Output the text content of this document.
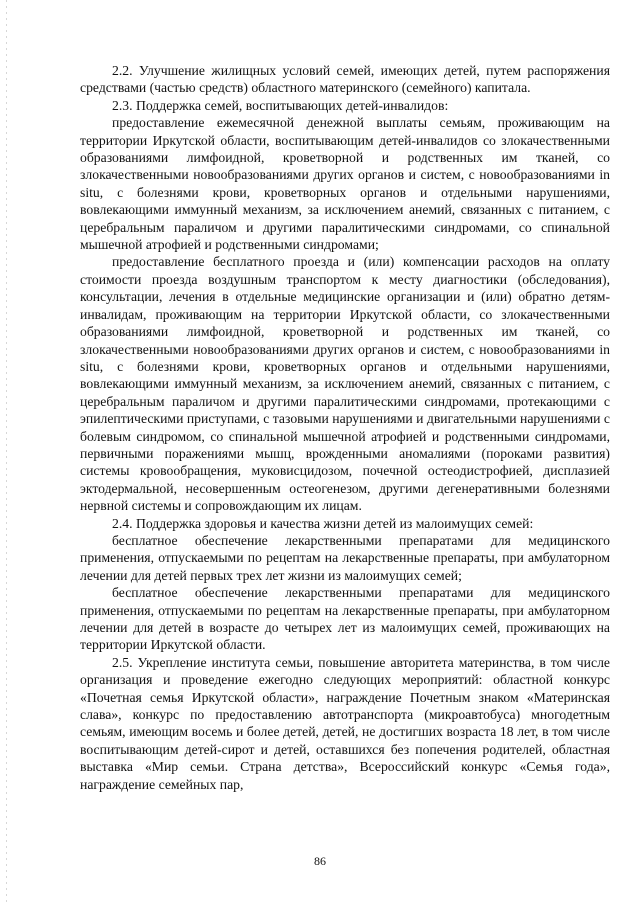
2.2. Улучшение жилищных условий семей, имеющих детей, путем распоряжения средствами (частью средств) областного материнского (семейного) капитала.

2.3. Поддержка семей, воспитывающих детей-инвалидов:

предоставление ежемесячной денежной выплаты семьям, проживающим на территории Иркутской области, воспитывающим детей-инвалидов со злокачественными образованиями лимфоидной, кроветворной и родственных им тканей, со злокачественными новообразованиями других органов и систем, с новообразованиями in situ, с болезнями крови, кроветворных органов и отдельными нарушениями, вовлекающими иммунный механизм, за исключением анемий, связанных с питанием, с церебральным параличом и другими паралитическими синдромами, со спинальной мышечной атрофией и родственными синдромами;

предоставление бесплатного проезда и (или) компенсации расходов на оплату стоимости проезда воздушным транспортом к месту диагностики (обследования), консультации, лечения в отдельные медицинские организации и (или) обратно детям-инвалидам, проживающим на территории Иркутской области, со злокачественными образованиями лимфоидной, кроветворной и родственных им тканей, со злокачественными новообразованиями других органов и систем, с новообразованиями in situ, с болезнями крови, кроветворных органов и отдельными нарушениями, вовлекающими иммунный механизм, за исключением анемий, связанных с питанием, с церебральным параличом и другими паралитическими синдромами, протекающими с эпилептическими приступами, с тазовыми нарушениями и двигательными нарушениями с болевым синдромом, со спинальной мышечной атрофией и родственными синдромами, первичными поражениями мышц, врожденными аномалиями (пороками развития) системы кровообращения, муковисцидозом, почечной остеодистрофией, дисплазией эктодермальной, несовершенным остеогенезом, другими дегенеративными болезнями нервной системы и сопровождающим их лицам.

2.4. Поддержка здоровья и качества жизни детей из малоимущих семей:

бесплатное обеспечение лекарственными препаратами для медицинского применения, отпускаемыми по рецептам на лекарственные препараты, при амбулаторном лечении для детей первых трех лет жизни из малоимущих семей;

бесплатное обеспечение лекарственными препаратами для медицинского применения, отпускаемыми по рецептам на лекарственные препараты, при амбулаторном лечении для детей в возрасте до четырех лет из малоимущих семей, проживающих на территории Иркутской области.

2.5. Укрепление института семьи, повышение авторитета материнства, в том числе организация и проведение ежегодно следующих мероприятий: областной конкурс «Почетная семья Иркутской области», награждение Почетным знаком «Материнская слава», конкурс по предоставлению автотранспорта (микроавтобуса) многодетным семьям, имеющим восемь и более детей, детей, не достигших возраста 18 лет, в том числе воспитывающим детей-сирот и детей, оставшихся без попечения родителей, областная выставка «Мир семьи. Страна детства», Всероссийский конкурс «Семья года», награждение семейных пар,

86
